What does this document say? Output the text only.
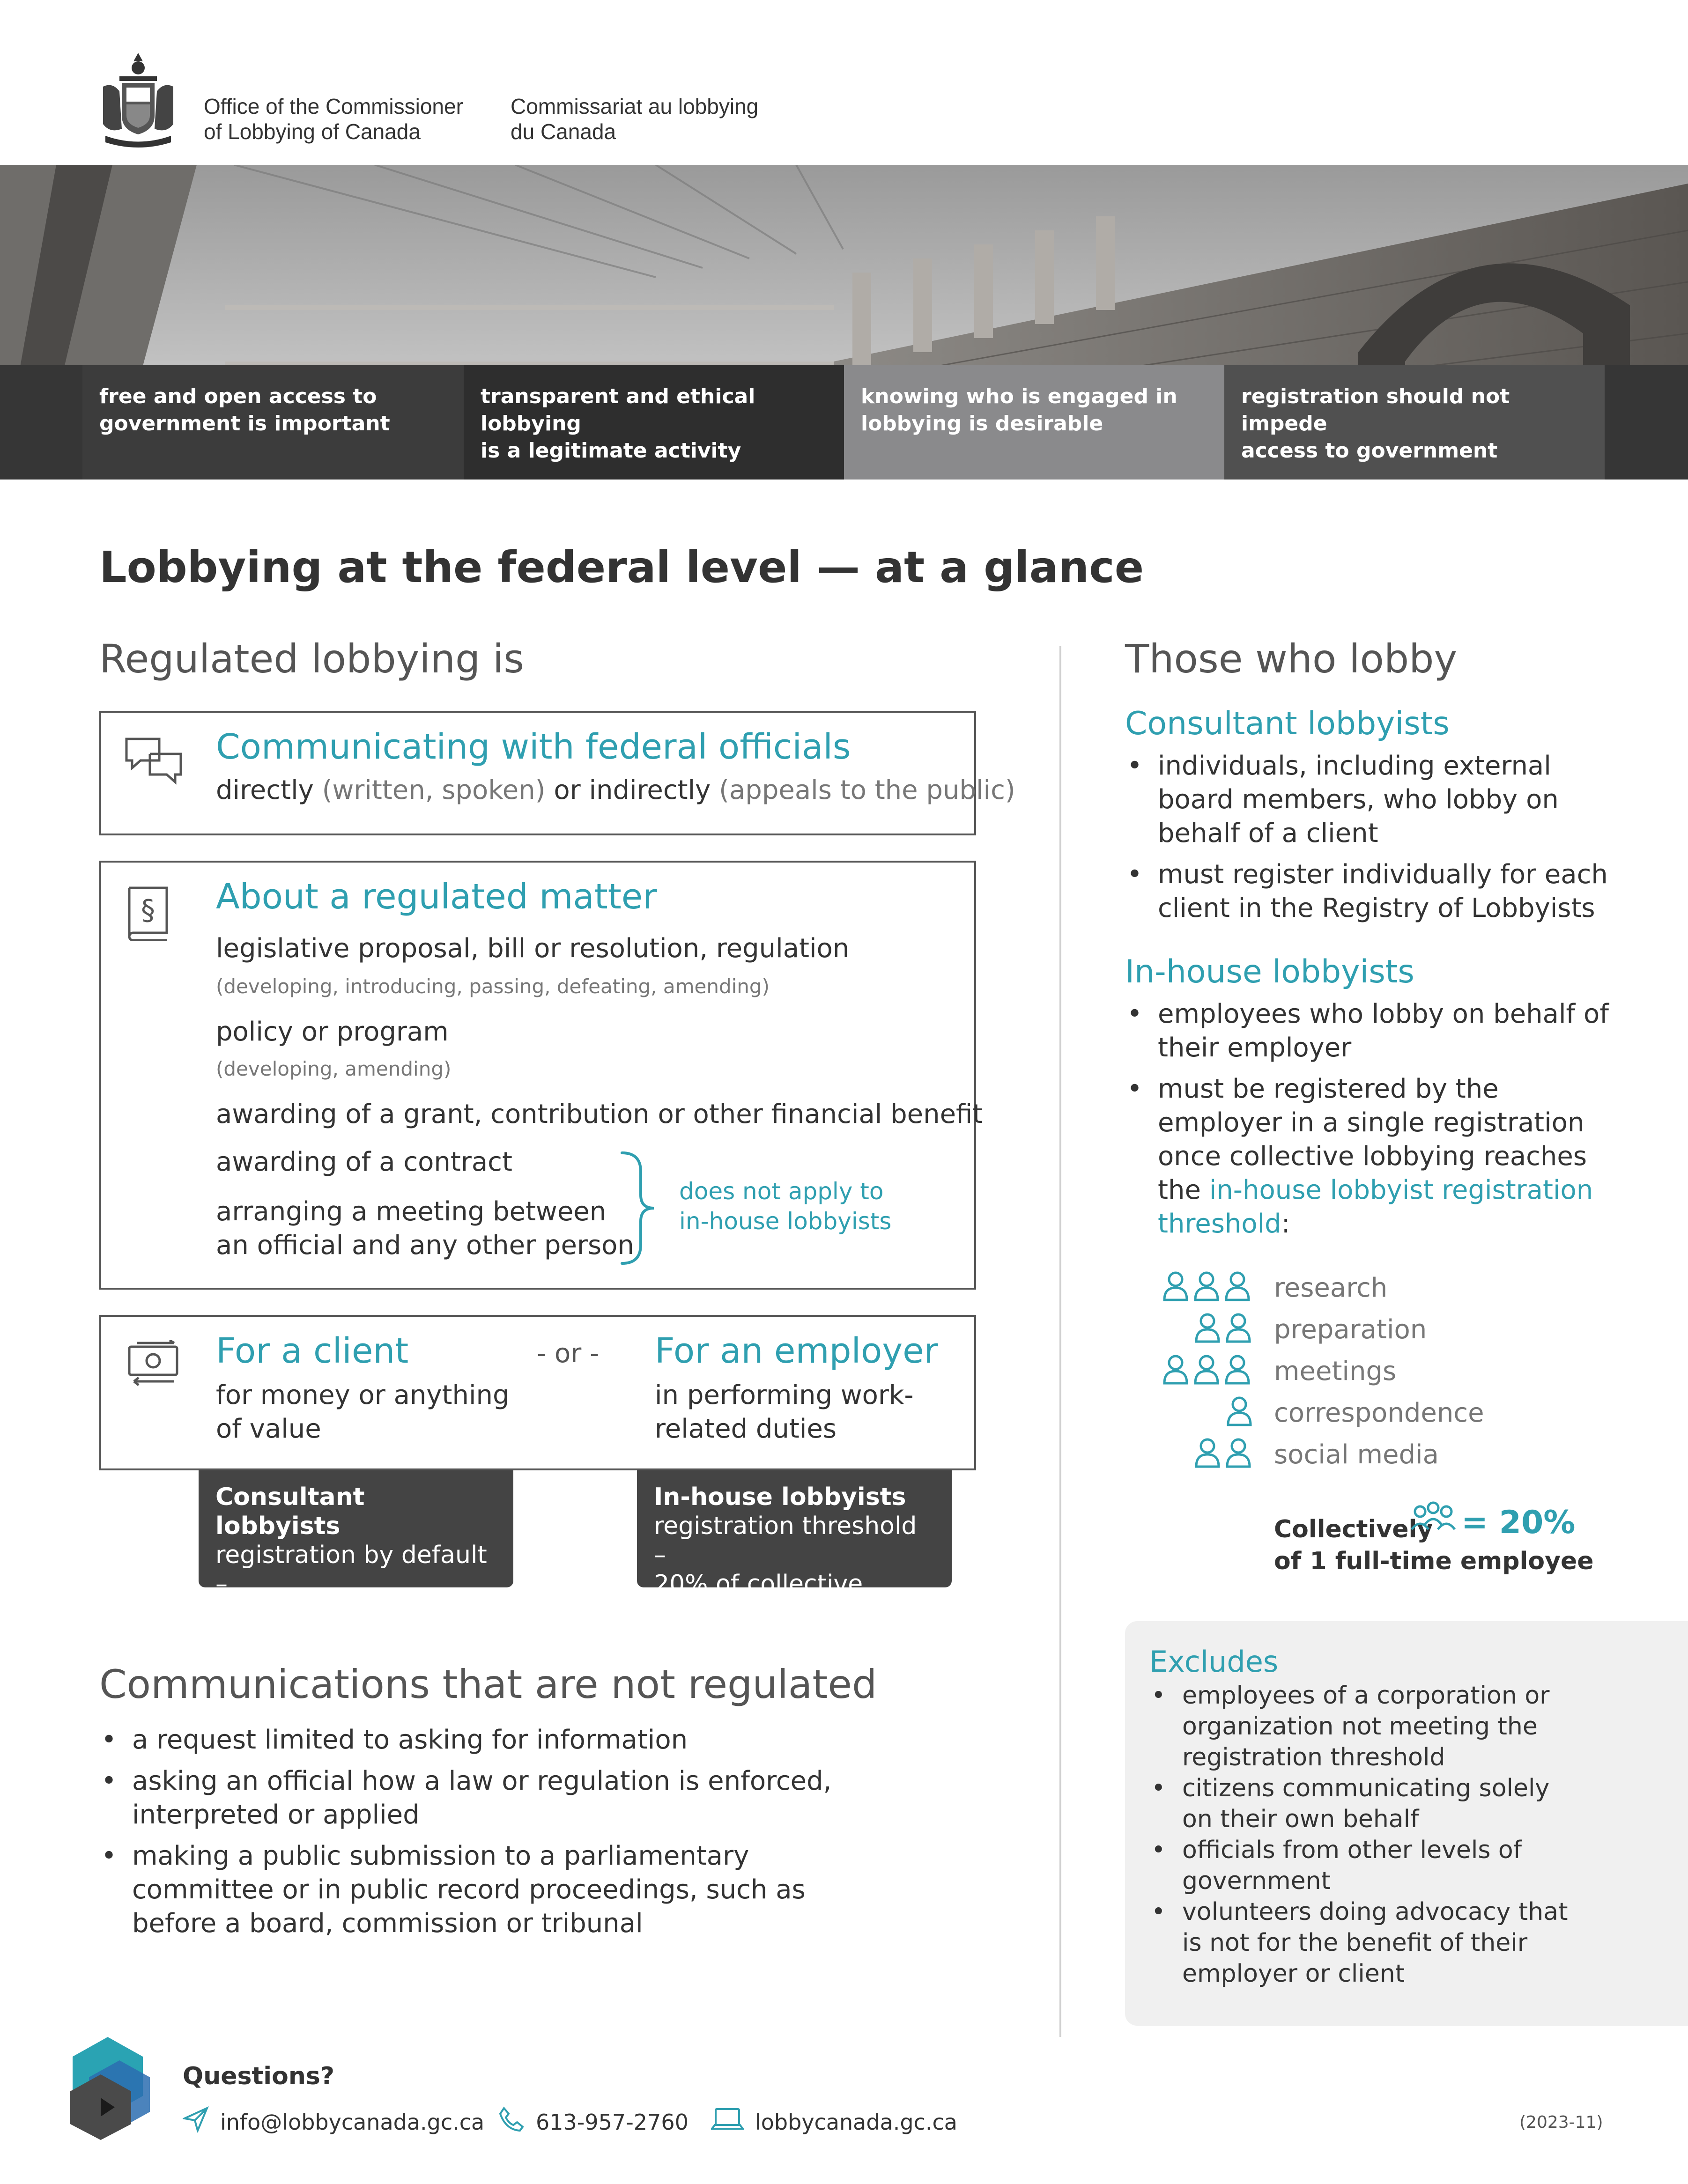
Office of the Commissioner
of Lobbying of Canada
Commissariat au lobbying
du Canada
free and open access to
government is important
transparent and ethical lobbying
is a legitimate activity
knowing who is engaged in
lobbying is desirable
registration should not impede
access to government
Lobbying at the federal level — at a glance
Regulated lobbying is
Communicating with federal officials
directly (written, spoken) or indirectly (appeals to the public)
§ About a regulated matter
legislative proposal, bill or resolution, regulation
(developing, introducing, passing, defeating, amending)
policy or program
(developing, amending)
awarding of a grant, contribution or other financial benefit
awarding of a contract
arranging a meeting between
an official and any other person
does not apply to
in-house lobbyists
For a client
for money or anything
of value
- or - For an employer
in performing work-
related duties
Consultant lobbyists
registration by default –
no threshold
In-house lobbyists
registration threshold –
20% of collective duties
Communications that are not regulated
• a request limited to asking for information
• asking an official how a law or regulation is enforced,
interpreted or applied
• making a public submission to a parliamentary
committee or in public record proceedings, such as
before a board, commission or tribunal
Those who lobby
Consultant lobbyists
• individuals, including external
board members, who lobby on
behalf of a client
• must register individually for each
client in the Registry of Lobbyists
In-house lobbyists
• employees who lobby on behalf of
their employer
• must be registered by the
employer in a single registration
once collective lobbying reaches
the in-house lobbyist registration
threshold:
research
preparation
meetings
correspondence
social media
Collectively = 20%
of 1 full-time employee
Excludes
• employees of a corporation or
organization not meeting the
registration threshold
• citizens communicating solely
on their own behalf
• officials from other levels of
government
• volunteers doing advocacy that
is not for the benefit of their
employer or client
Questions?
info@lobbycanada.gc.ca 613-957-2760	lobbycanada.gc.ca	(2023-11)
